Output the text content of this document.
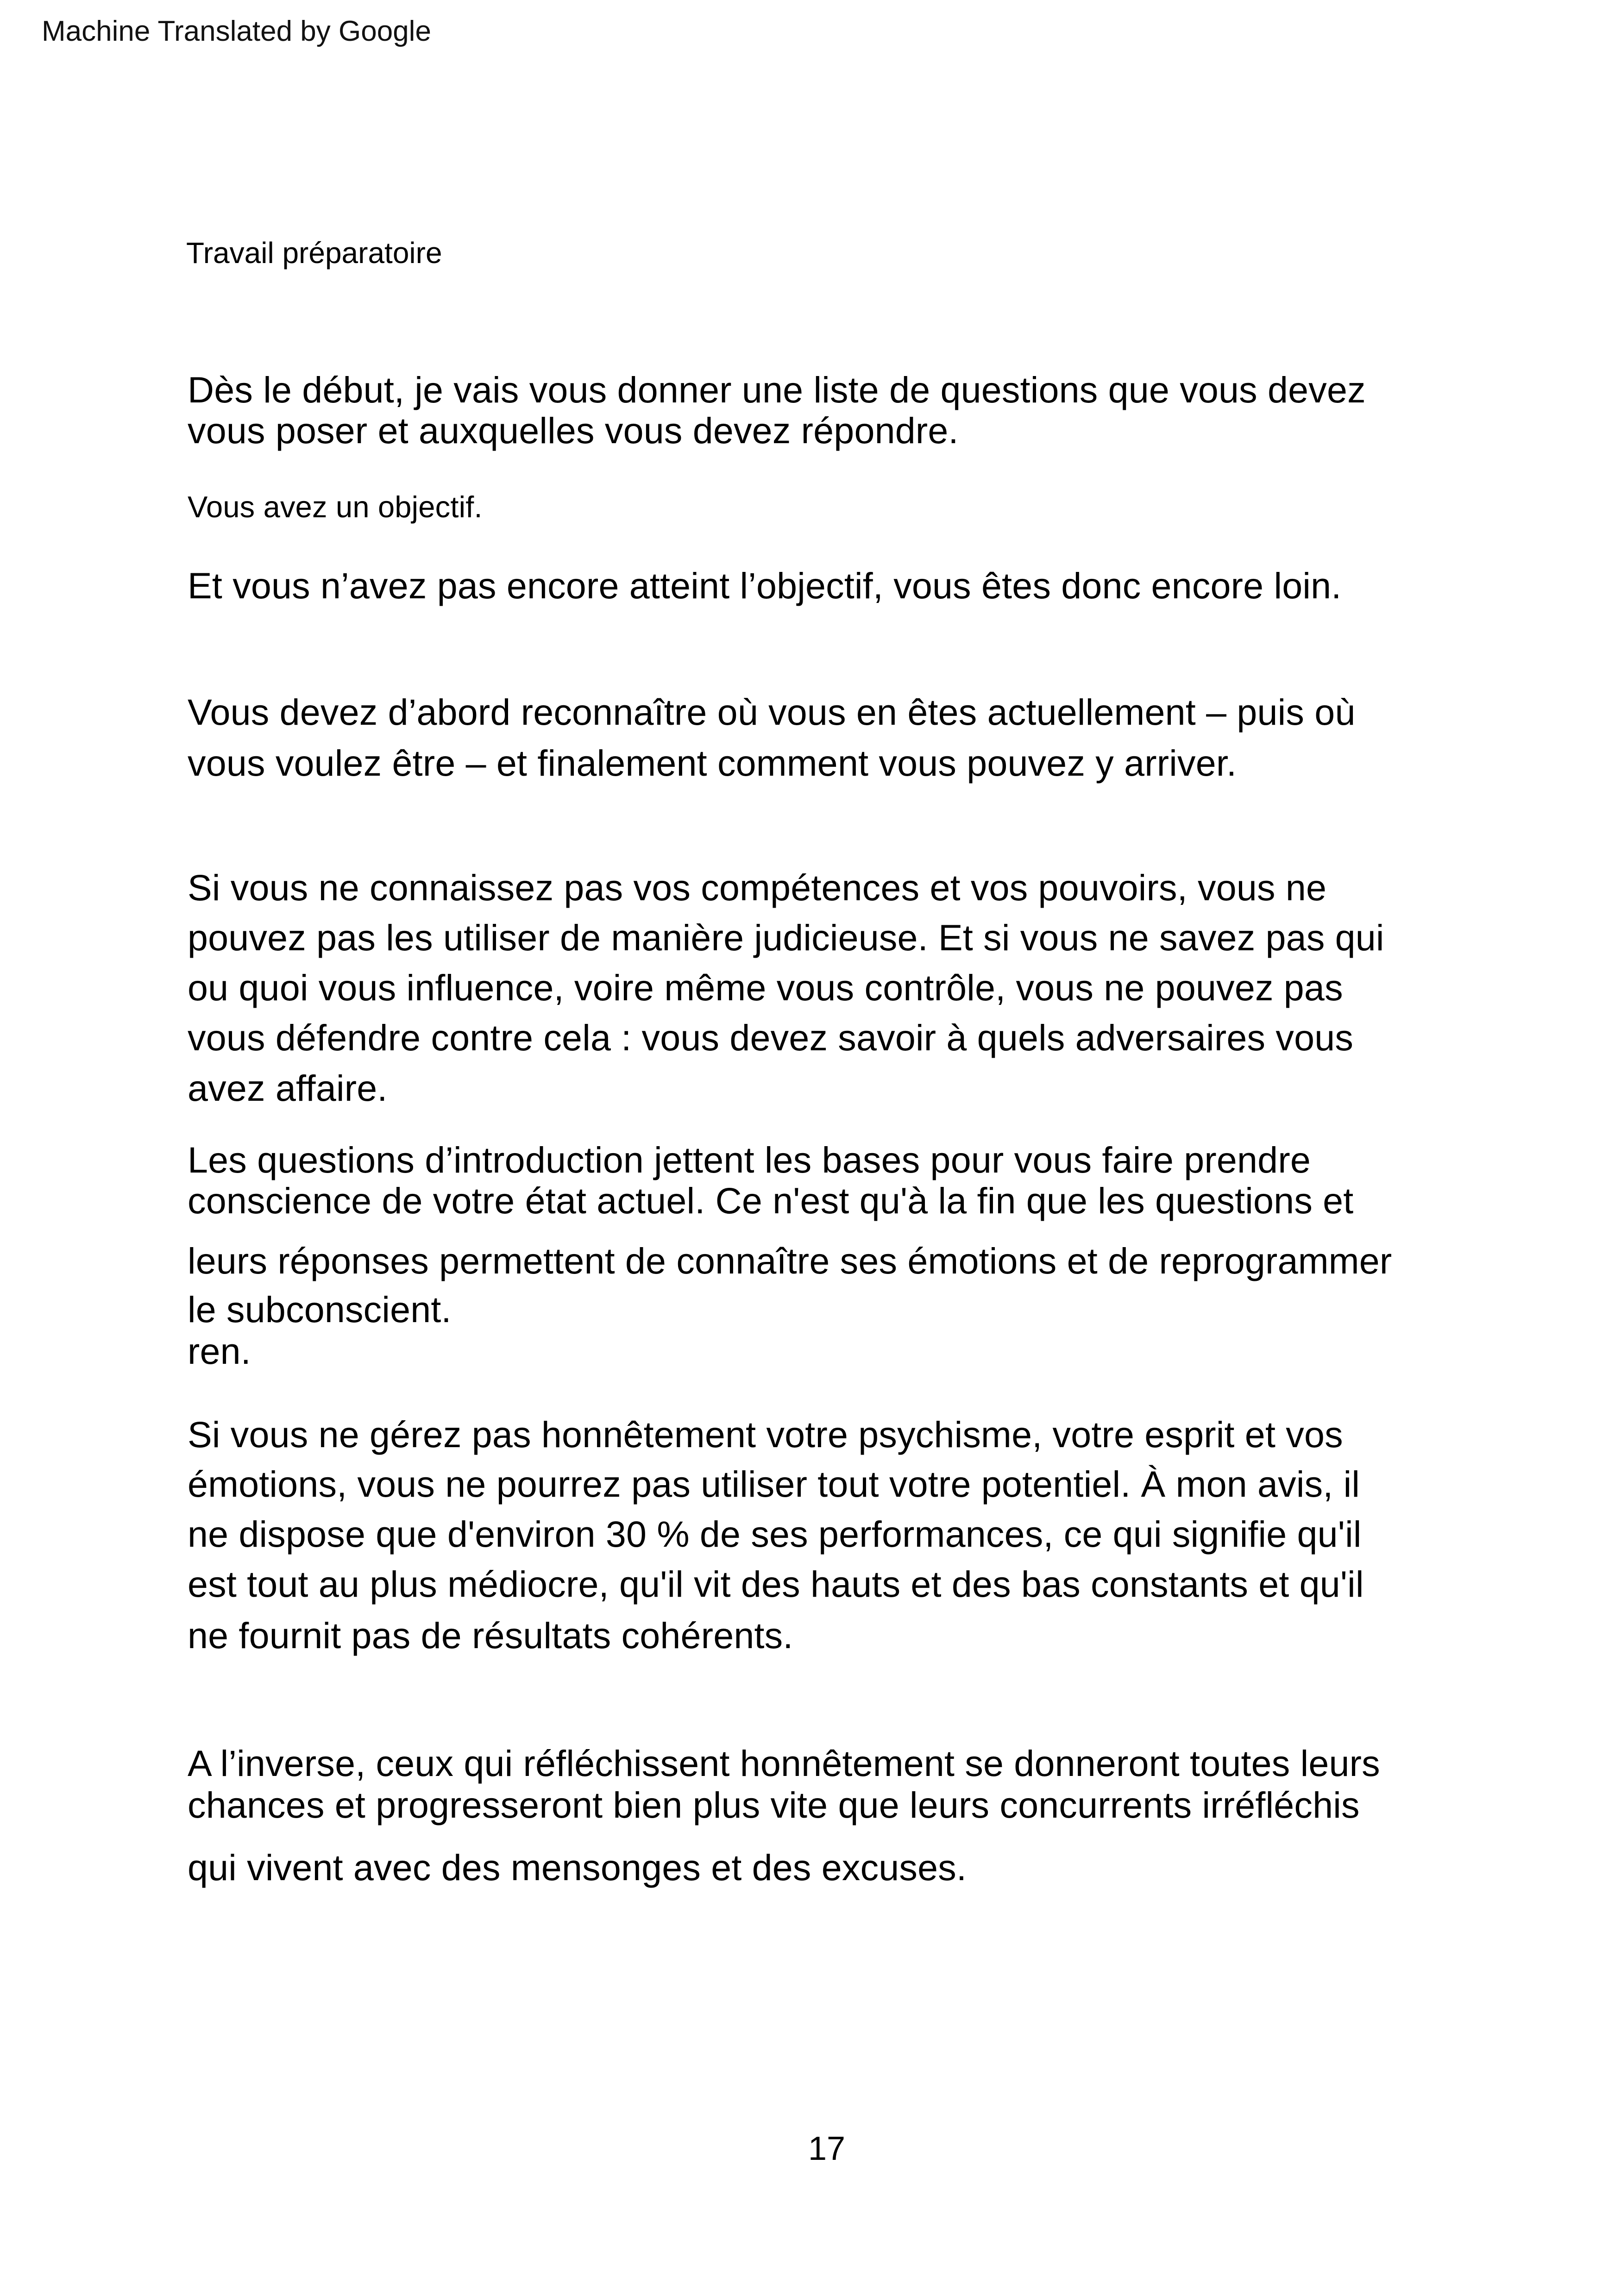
Machine Translated by Google
Travail préparatoire
Dès le début, je vais vous donner une liste de questions que vous devez
vous poser et auxquelles vous devez répondre.
Vous avez un objectif.
Et vous n’avez pas encore atteint l’objectif, vous êtes donc encore loin.
Vous devez d’abord reconnaître où vous en êtes actuellement – puis où
vous voulez être – et finalement comment vous pouvez y arriver.
Si vous ne connaissez pas vos compétences et vos pouvoirs, vous ne
pouvez pas les utiliser de manière judicieuse. Et si vous ne savez pas qui
ou quoi vous influence, voire même vous contrôle, vous ne pouvez pas
vous défendre contre cela : vous devez savoir à quels adversaires vous
avez affaire.
Les questions d’introduction jettent les bases pour vous faire prendre
conscience de votre état actuel. Ce n'est qu'à la fin que les questions et
leurs réponses permettent de connaître ses émotions et de reprogrammer
le subconscient.
ren.
Si vous ne gérez pas honnêtement votre psychisme, votre esprit et vos
émotions, vous ne pourrez pas utiliser tout votre potentiel. À mon avis, il
ne dispose que d'environ 30 % de ses performances, ce qui signifie qu'il
est tout au plus médiocre, qu'il vit des hauts et des bas constants et qu'il
ne fournit pas de résultats cohérents.
A l’inverse, ceux qui réfléchissent honnêtement se donneront toutes leurs
chances et progresseront bien plus vite que leurs concurrents irréfléchis
qui vivent avec des mensonges et des excuses.
17
